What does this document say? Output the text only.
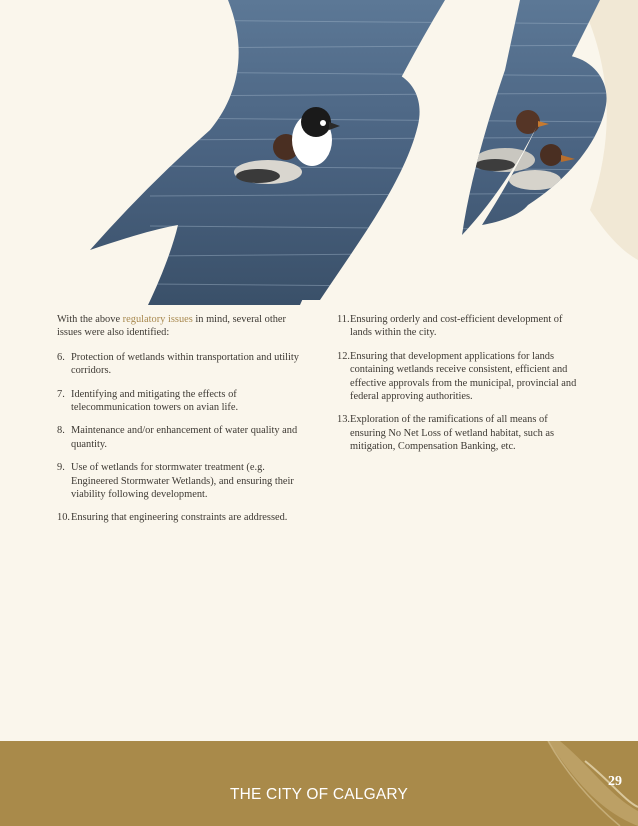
With the above regulatory issues in mind, several other issues were also identified:

6. Protection of wetlands within transportation and utility corridors.
7. Identifying and mitigating the effects of telecommunication towers on avian life.
8. Maintenance and/or enhancement of water quality and quantity.
9. Use of wetlands for stormwater treatment (e.g. Engineered Stormwater Wetlands), and ensuring their viability following development.
10. Ensuring that engineering constraints are addressed.
11. Ensuring orderly and cost-efficient development of lands within the city.
12. Ensuring that development applications for lands containing wetlands receive consistent, efficient and effective approvals from the municipal, provincial and federal approving authorities.
13. Exploration of the ramifications of all means of ensuring No Net Loss of wetland habitat, such as mitigation, Compensation Banking, etc.
THE CITY OF CALGARY
29
